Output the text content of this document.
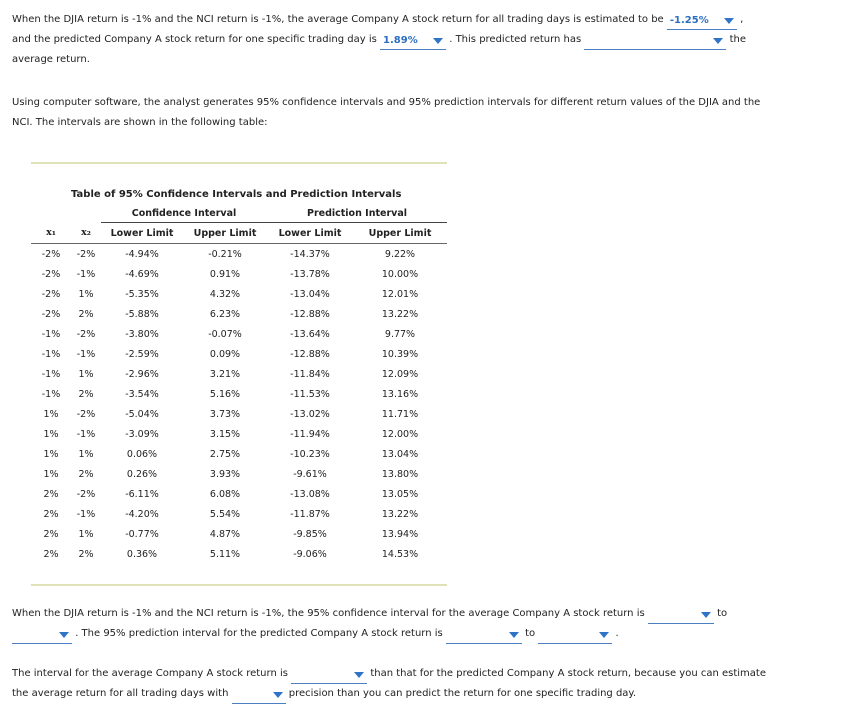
When the DJIA return is -1% and the NCI return is -1%, the average Company A stock return for all trading days is estimated to be -1.25%	,
and the predicted Company A stock return for one specific trading day is 1.89%	. This predicted return has	the
average return.
Using computer software, the analyst generates 95% confidence intervals and 95% prediction intervals for different return values of the DJIA and the
NCI. The intervals are shown in the following table:

Table of 95% Confidence Intervals and Prediction Intervals					
		Confidence Interval		Prediction Interval	
x₁	x₂	Lower Limit	Upper Limit	Lower Limit	Upper Limit
-2%	-2%	-4.94%	-0.21%	-14.37%	9.22%
-2%	-1%	-4.69%	0.91%	-13.78%	10.00%
-2%	1%	-5.35%	4.32%	-13.04%	12.01%
-2%	2%	-5.88%	6.23%	-12.88%	13.22%
-1%	-2%	-3.80%	-0.07%	-13.64%	9.77%
-1%	-1%	-2.59%	0.09%	-12.88%	10.39%
-1%	1%	-2.96%	3.21%	-11.84%	12.09%
-1%	2%	-3.54%	5.16%	-11.53%	13.16%
1%	-2%	-5.04%	3.73%	-13.02%	11.71%
1%	-1%	-3.09%	3.15%	-11.94%	12.00%
1%	1%	0.06%	2.75%	-10.23%	13.04%
1%	2%	0.26%	3.93%	-9.61%	13.80%
2%	-2%	-6.11%	6.08%	-13.08%	13.05%
2%	-1%	-4.20%	5.54%	-11.87%	13.22%
2%	1%	-0.77%	4.87%	-9.85%	13.94%
2%	2%	0.36%	5.11%	-9.06%	14.53%

When the DJIA return is -1% and the NCI return is -1%, the 95% confidence interval for the average Company A stock return is	to
. The 95% prediction interval for the predicted Company A stock return is	to	.
The interval for the average Company A stock return is	than that for the predicted Company A stock return, because you can estimate
the average return for all trading days with	precision than you can predict the return for one specific trading day.
